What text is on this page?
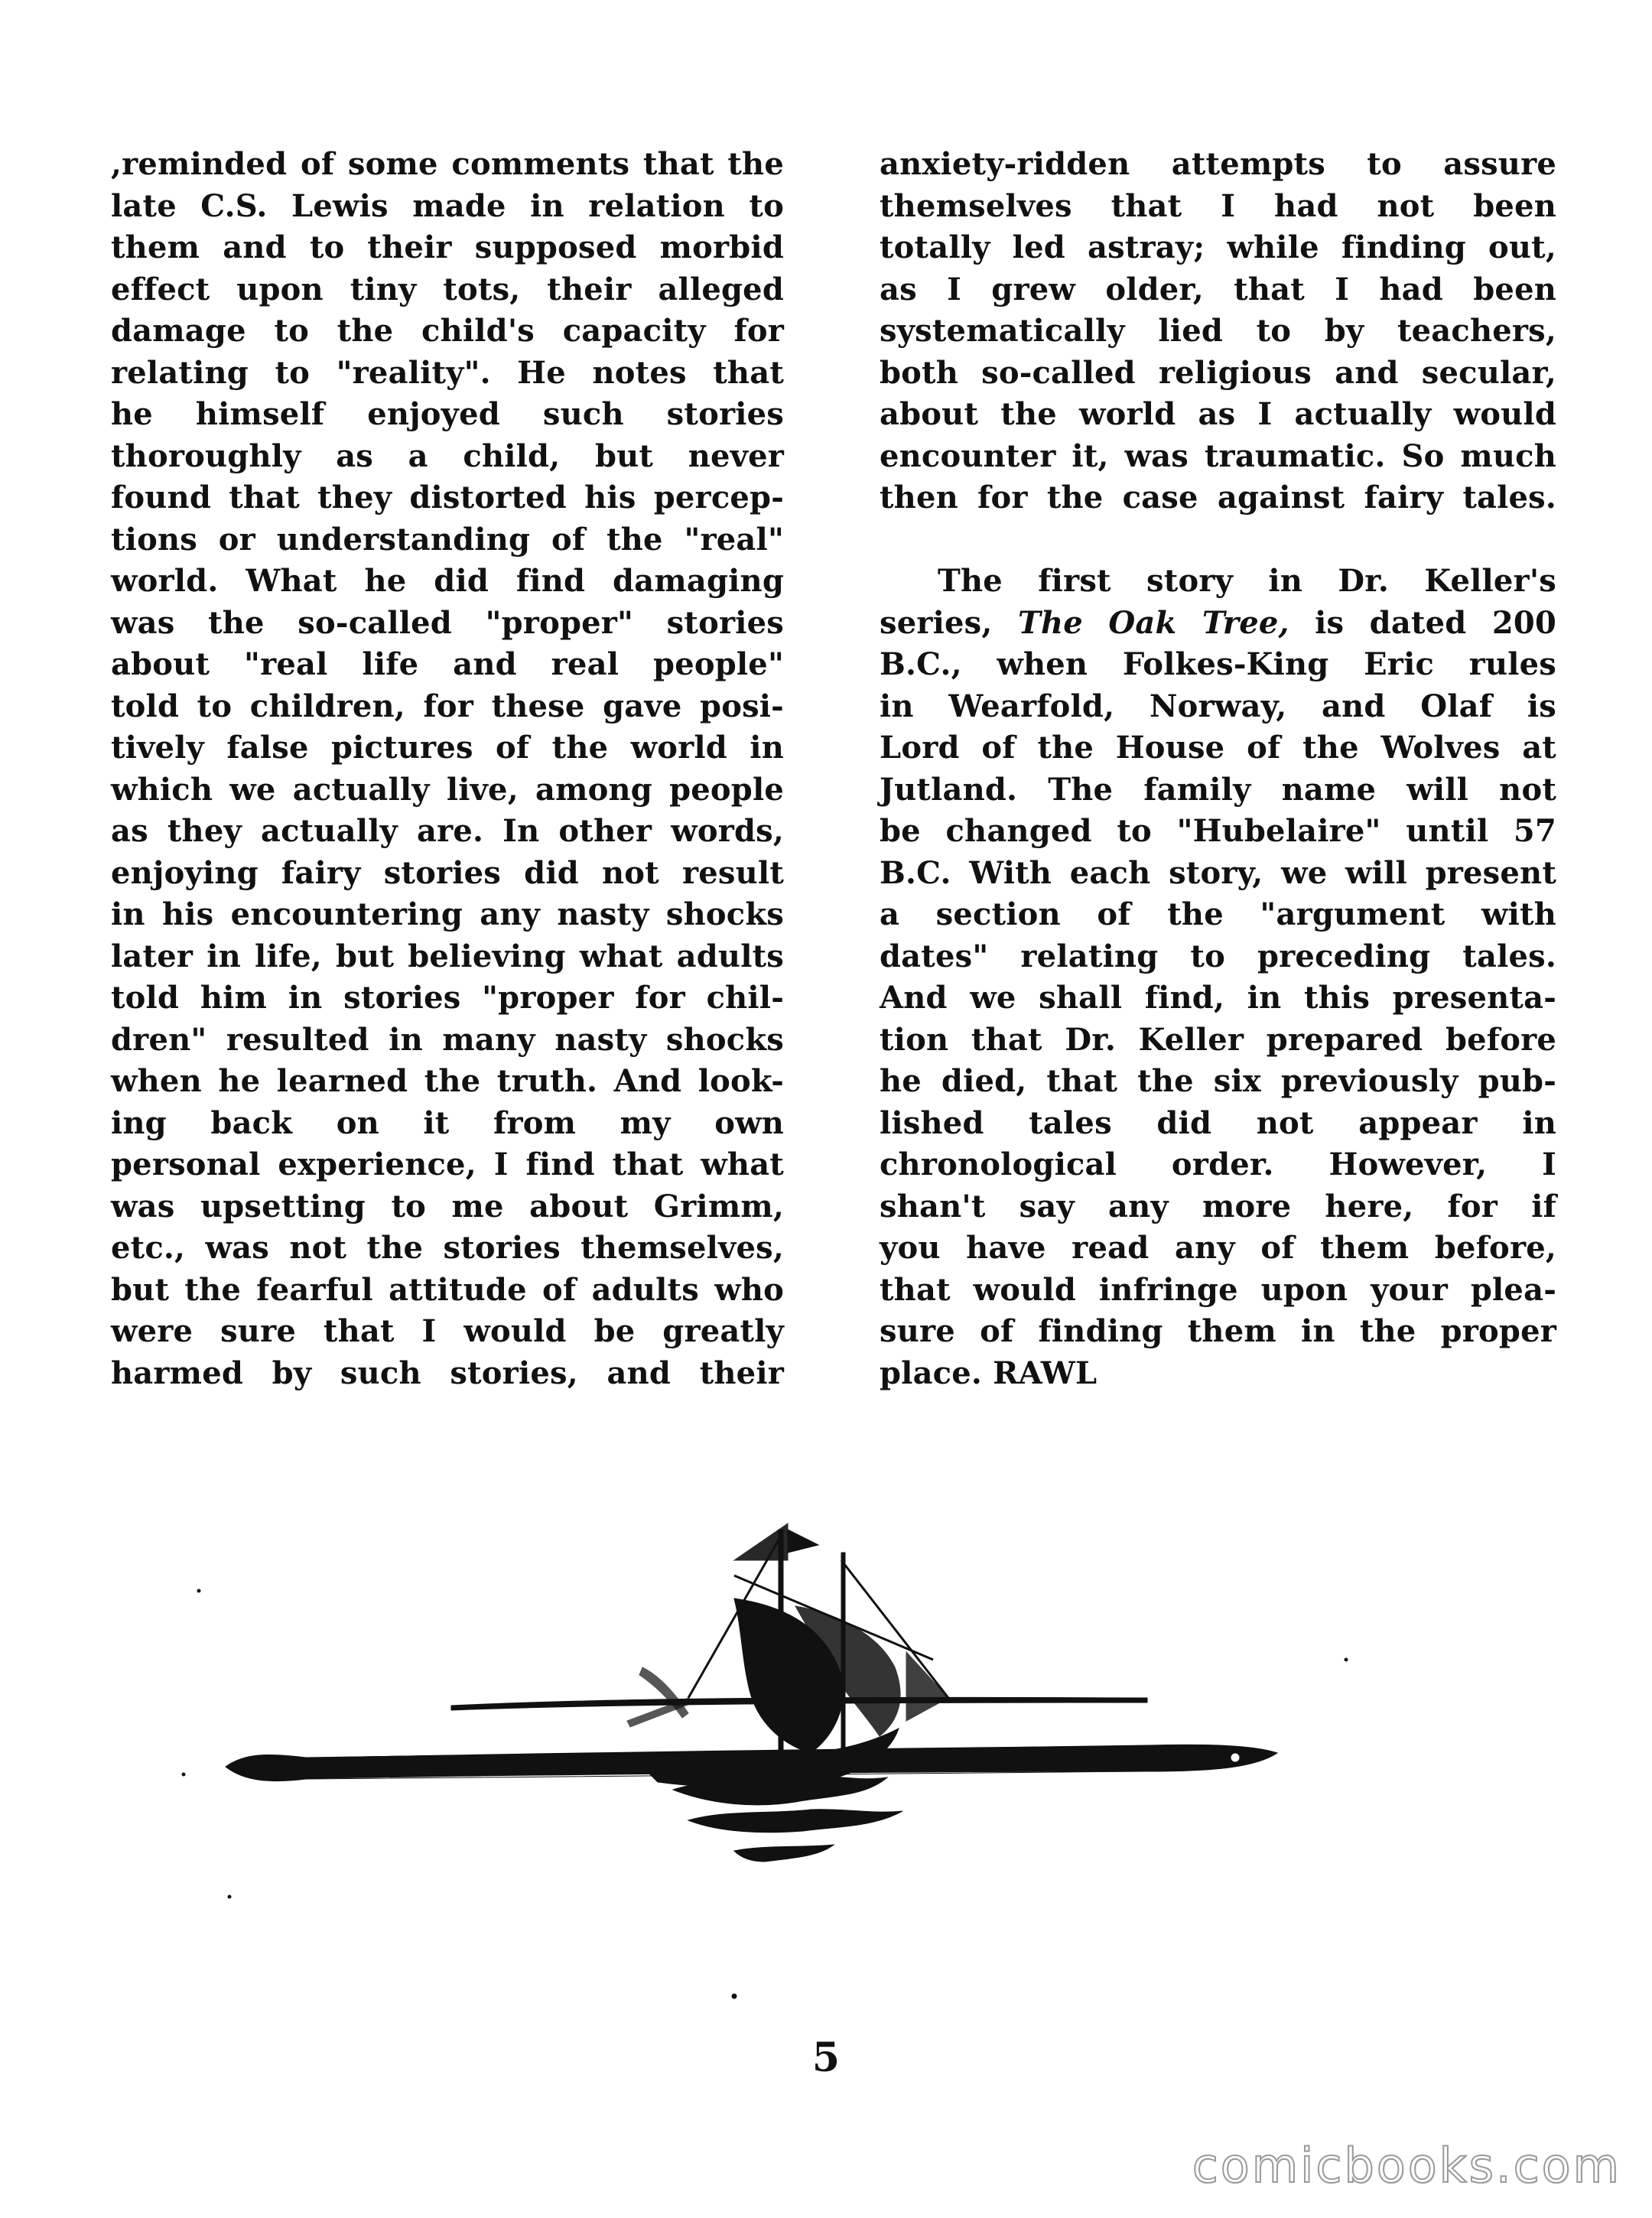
,reminded of some comments that the
late C.S. Lewis made in relation to
them and to their supposed morbid
effect upon tiny tots, their alleged
damage to the child's capacity for
relating to "reality". He notes that
he himself enjoyed such stories
thoroughly as a child, but never
found that they distorted his percep-
tions or understanding of the "real"
world. What he did find damaging
was the so-called "proper" stories
about "real life and real people"
told to children, for these gave posi-
tively false pictures of the world in
which we actually live, among people
as they actually are. In other words,
enjoying fairy stories did not result
in his encountering any nasty shocks
later in life, but believing what adults
told him in stories "proper for chil-
dren" resulted in many nasty shocks
when he learned the truth. And look-
ing back on it from my own
personal experience, I find that what
was upsetting to me about Grimm,
etc., was not the stories themselves,
but the fearful attitude of adults who
were sure that I would be greatly
harmed by such stories, and their
anxiety-ridden attempts to assure
themselves that I had not been
totally led astray; while finding out,
as I grew older, that I had been
systematically lied to by teachers,
both so-called religious and secular,
about the world as I actually would
encounter it, was traumatic. So much
then for the case against fairy tales.
The first story in Dr. Keller's
series, The Oak Tree, is dated 200
B.C., when Folkes-King Eric rules
in Wearfold, Norway, and Olaf is
Lord of the House of the Wolves at
Jutland. The family name will not
be changed to "Hubelaire" until 57
B.C. With each story, we will present
a section of the "argument with
dates" relating to preceding tales.
And we shall find, in this presenta-
tion that Dr. Keller prepared before
he died, that the six previously pub-
lished tales did not appear in
chronological order. However, I
shan't say any more here, for if
you have read any of them before,
that would infringe upon your plea-
sure of finding them in the proper
place. RAWL
5
comicbooks.com
